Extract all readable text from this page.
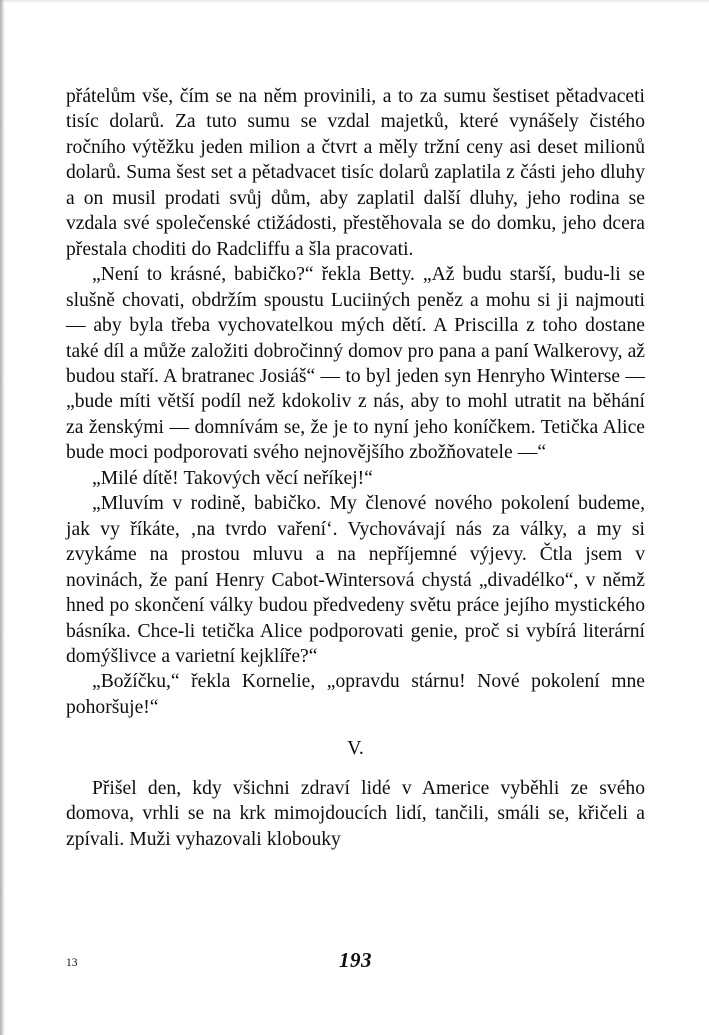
přátelům vše, čím se na něm provinili, a to za sumu šestiset pětadvaceti tisíc dolarů. Za tuto sumu se vzdal majetků, které vynášely čistého ročního výtěžku jeden milion a čtvrt a měly tržní ceny asi deset milionů dolarů. Suma šest set a pětadvacet tisíc dolarů zaplatila z části jeho dluhy a on musil prodati svůj dům, aby zaplatil další dluhy, jeho rodina se vzdala své společenské ctižádosti, přestěhovala se do domku, jeho dcera přestala choditi do Radcliffu a šla pracovati.

„Není to krásné, babičko?“ řekla Betty. „Až budu starší, budu-li se slušně chovati, obdržím spoustu Luciiných peněz a mohu si ji najmouti — aby byla třeba vychovatelkou mých dětí. A Priscilla z toho dostane také díl a může založiti dobročinný domov pro pana a paní Walkerovy, až budou staří. A bratranec Josiáš“ — to byl jeden syn Henryho Winterse — „bude míti větší podíl než kdokoliv z nás, aby to mohl utratit na běhání za ženskými — domnívám se, že je to nyní jeho koníčkem. Tetička Alice bude moci podporovati svého nejnovějšího zbožňovatele —“

„Milé dítě! Takových věcí neříkej!“

„Mluvím v rodině, babičko. My členové nového pokolení budeme, jak vy říkáte, ‚na tvrdo vaření‘. Vychovávají nás za války, a my si zvykáme na prostou mluvu a na nepříjemné výjevy. Čtla jsem v novinách, že paní Henry Cabot-Wintersová chystá „divadélko“, v němž hned po skončení války budou předvedeny světu práce jejího mystického básníka. Chce-li tetička Alice podporovati genie, proč si vybírá literární domýšlivce a varietní kejklíře?“

„Božíčku,“ řekla Kornelie, „opravdu stárnu! Nové pokolení mne pohoršuje!“

V.

Přišel den, kdy všichni zdraví lidé v Americe vyběhli ze svého domova, vrhli se na krk mimojdoucích lidí, tančili, smáli se, křičeli a zpívali. Muži vyhazovali klobouky

13	193
